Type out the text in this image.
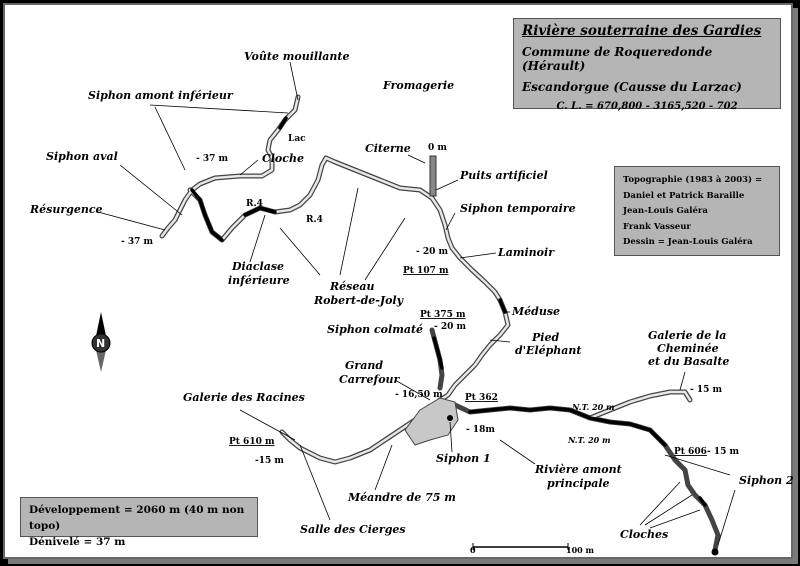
Voûte mouillante
Siphon amont inférieur
Lac
Cloche
Fromagerie
Citerne
Puits artificiel
Siphon temporaire
Laminoir
Siphon aval
Résurgence	R.4
R.4
Diaclase
inférieure	Réseau
Robert-de-Joly
Méduse
Pied
d'Eléphant
Siphon colmaté
Grand
Carrefour
Galerie des Racines
Siphon 1
Méandre de 75 m
Salle des Cierges
Rivière amont
principale
Galerie de la
Cheminée
et du Basalte
Siphon 2
Cloches
- 37 m
- 37 m
0 m
- 20 m
Pt 107 m
Pt 375 m
- 20 m
- 16,50 m Pt 362
- 18m
Pt 610 m
-15 m
N.T. 20 m
N.T. 20 m
Pt 606 - 15 m
- 15 m
N
0	100 m
Rivière souterraine des Gardies
Commune de Roqueredonde (Hérault)
Escandorgue (Causse du Larzac)
C. L. = 670,800 - 3165,520 - 702
Topographie (1983 à 2003) =
Daniel et Patrick Baraille
Jean-Louis Galéra
Frank Vasseur
Dessin = Jean-Louis Galéra
Développement = 2060 m (40 m non topo)
Dénivelé = 37 m
